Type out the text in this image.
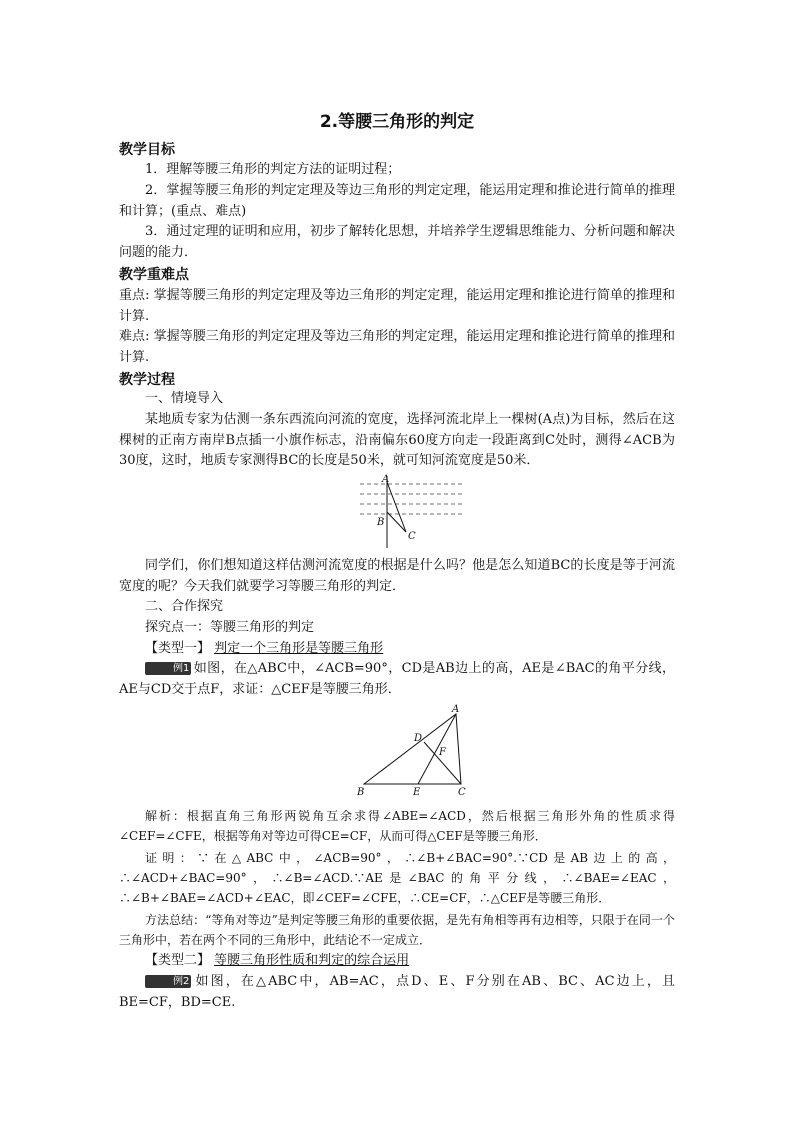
2.等腰三角形的判定
教学目标
1．理解等腰三角形的判定方法的证明过程；
2．掌握等腰三角形的判定定理及等边三角形的判定定理，能运用定理和推论进行简单的推理和计算；(重点、难点)
3．通过定理的证明和应用，初步了解转化思想，并培养学生逻辑思维能力、分析问题和解决问题的能力．
教学重难点
重点: 掌握等腰三角形的判定定理及等边三角形的判定定理，能运用定理和推论进行简单的推理和计算.
难点: 掌握等腰三角形的判定定理及等边三角形的判定定理，能运用定理和推论进行简单的推理和计算.
教学过程
一、情境导入
某地质专家为估测一条东西流向河流的宽度，选择河流北岸上一棵树(A点)为目标，然后在这棵树的正南方南岸B点插一小旗作标志，沿南偏东60度方向走一段距离到C处时，测得∠ACB为30度，这时，地质专家测得BC的长度是50米，就可知河流宽度是50米．
A
B
C
同学们，你们想知道这样估测河流宽度的根据是什么吗？他是怎么知道BC的长度是等于河流宽度的呢？今天我们就要学习等腰三角形的判定．
二、合作探究
探究点一：等腰三角形的判定
【类型一】 判定一个三角形是等腰三角形
例1 如图，在△ABC中，∠ACB=90°，CD是AB边上的高，AE是∠BAC的角平分线，AE与CD交于点F，求证：△CEF是等腰三角形．
A
B	C
D
E
F
解析：根据直角三角形两锐角互余求得∠ABE=∠ACD，然后根据三角形外角的性质求得∠CEF=∠CFE，根据等角对等边可得CE=CF，从而可得△CEF是等腰三角形．
证明：∵在△ABC中，∠ACB=90°，∴∠B+∠BAC=90°.∵CD是AB边上的高，∴∠ACD+∠BAC=90°，∴∠B=∠ACD.∵AE是∠BAC的角平分线，∴∠BAE=∠EAC，∴∠B+∠BAE=∠ACD+∠EAC，即∠CEF=∠CFE，∴CE=CF，∴△CEF是等腰三角形．
方法总结：“等角对等边”是判定等腰三角形的重要依据，是先有角相等再有边相等，只限于在同一个三角形中，若在两个不同的三角形中，此结论不一定成立．
【类型二】 等腰三角形性质和判定的综合运用
例2 如图，在△ABC中，AB=AC，点D、E、F分别在AB、BC、AC边上，且BE=CF，BD=CE.
